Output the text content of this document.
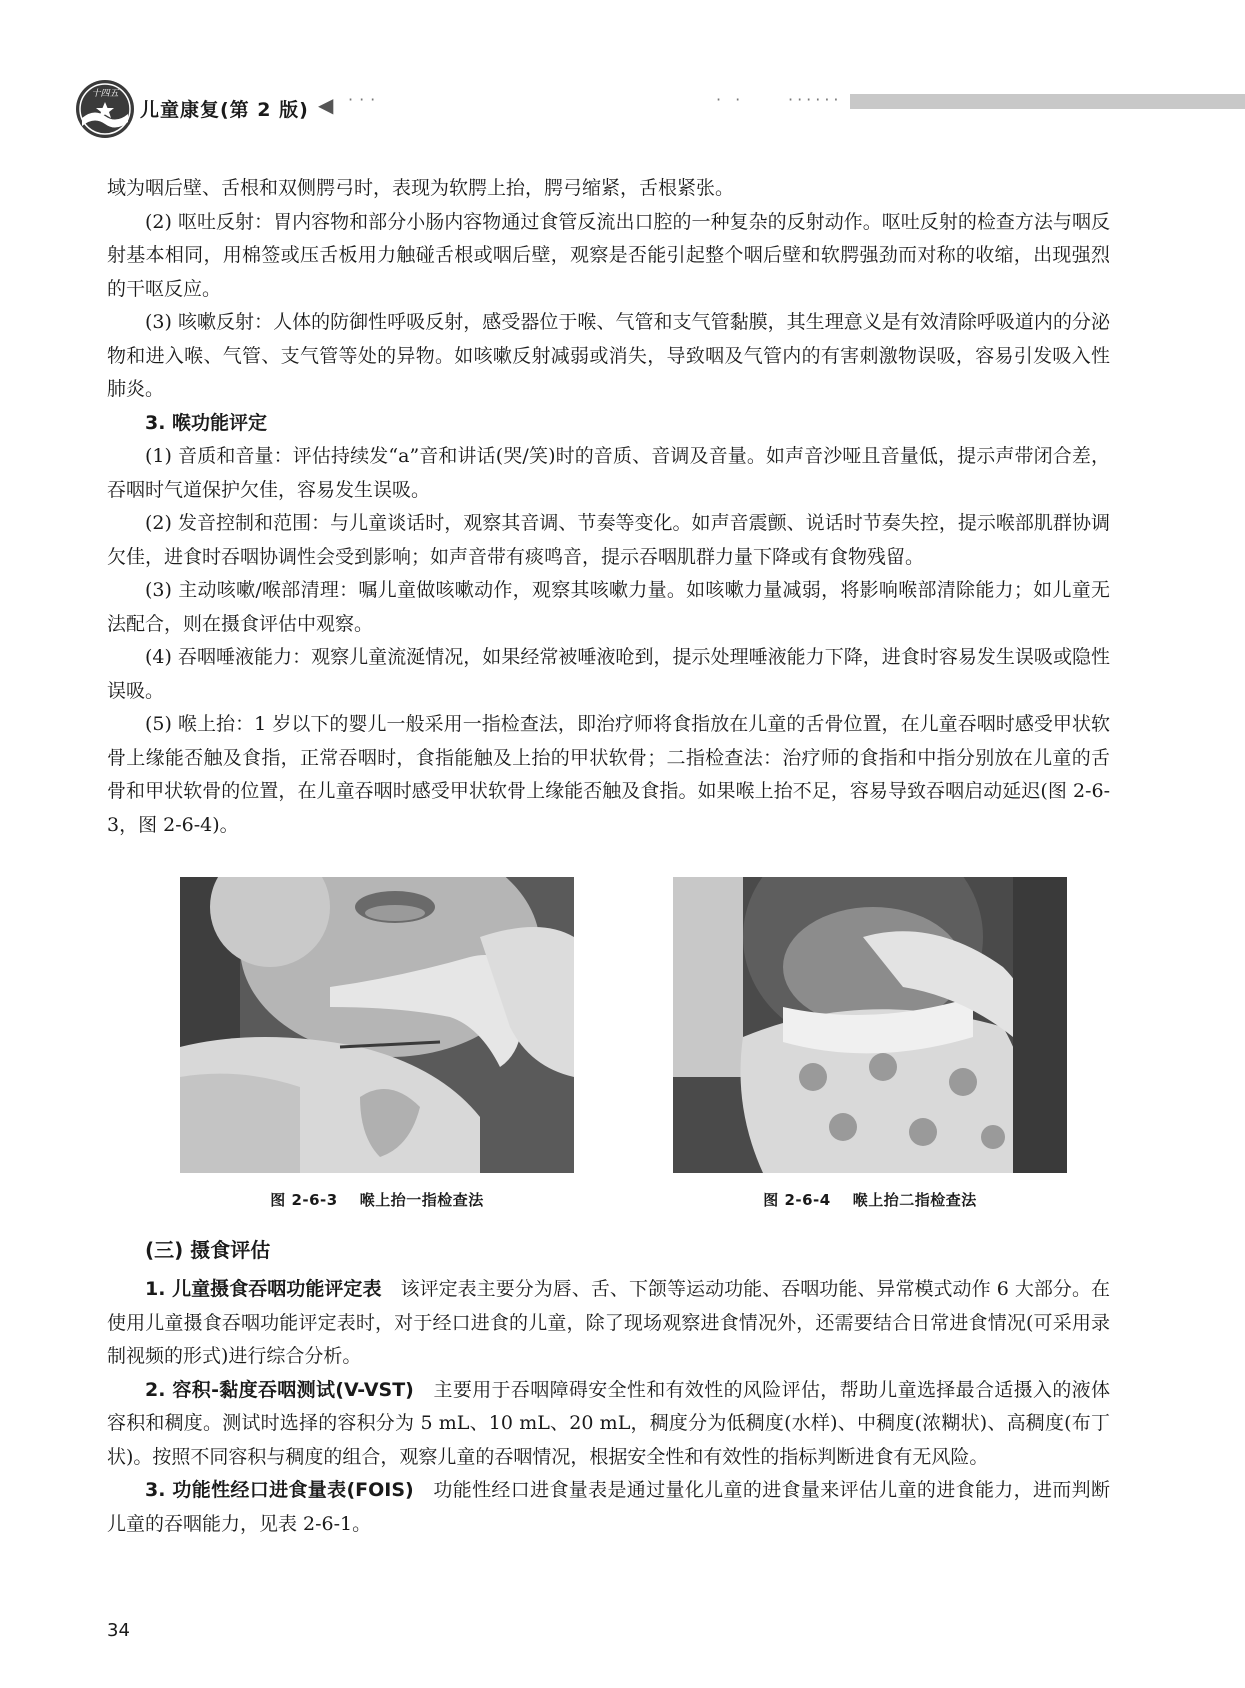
十四五
儿童康复(第 2 版) ◀ ···	·· ······

域为咽后壁、舌根和双侧腭弓时，表现为软腭上抬，腭弓缩紧，舌根紧张。

(2) 呕吐反射：胃内容物和部分小肠内容物通过食管反流出口腔的一种复杂的反射动作。呕吐反射的检查方法与咽反射基本相同，用棉签或压舌板用力触碰舌根或咽后壁，观察是否能引起整个咽后壁和软腭强劲而对称的收缩，出现强烈的干呕反应。

(3) 咳嗽反射：人体的防御性呼吸反射，感受器位于喉、气管和支气管黏膜，其生理意义是有效清除呼吸道内的分泌物和进入喉、气管、支气管等处的异物。如咳嗽反射减弱或消失，导致咽及气管内的有害刺激物误吸，容易引发吸入性肺炎。

3. 喉功能评定

(1) 音质和音量：评估持续发“a”音和讲话(哭/笑)时的音质、音调及音量。如声音沙哑且音量低，提示声带闭合差，吞咽时气道保护欠佳，容易发生误吸。

(2) 发音控制和范围：与儿童谈话时，观察其音调、节奏等变化。如声音震颤、说话时节奏失控，提示喉部肌群协调欠佳，进食时吞咽协调性会受到影响；如声音带有痰鸣音，提示吞咽肌群力量下降或有食物残留。

(3) 主动咳嗽/喉部清理：嘱儿童做咳嗽动作，观察其咳嗽力量。如咳嗽力量减弱，将影响喉部清除能力；如儿童无法配合，则在摄食评估中观察。

(4) 吞咽唾液能力：观察儿童流涎情况，如果经常被唾液呛到，提示处理唾液能力下降，进食时容易发生误吸或隐性误吸。

(5) 喉上抬：1 岁以下的婴儿一般采用一指检查法，即治疗师将食指放在儿童的舌骨位置，在儿童吞咽时感受甲状软骨上缘能否触及食指，正常吞咽时，食指能触及上抬的甲状软骨；二指检查法：治疗师的食指和中指分别放在儿童的舌骨和甲状软骨的位置，在儿童吞咽时感受甲状软骨上缘能否触及食指。如果喉上抬不足，容易导致吞咽启动延迟(图 2-6-3，图 2-6-4)。

图 2-6-3 喉上抬一指检查法	图 2-6-4 喉上抬二指检查法

(三) 摄食评估

1. 儿童摄食吞咽功能评定表　 该评定表主要分为唇、舌、下颌等运动功能、吞咽功能、异常模式动作 6 大部分。在使用儿童摄食吞咽功能评定表时，对于经口进食的儿童，除了现场观察进食情况外，还需要结合日常进食情况(可采用录制视频的形式)进行综合分析。

2. 容积-黏度吞咽测试(V-VST)　 主要用于吞咽障碍安全性和有效性的风险评估，帮助儿童选择最合适摄入的液体容积和稠度。测试时选择的容积分为 5 mL、10 mL、20 mL，稠度分为低稠度(水样)、中稠度(浓糊状)、高稠度(布丁状)。按照不同容积与稠度的组合，观察儿童的吞咽情况，根据安全性和有效性的指标判断进食有无风险。

3. 功能性经口进食量表(FOIS)　 功能性经口进食量表是通过量化儿童的进食量来评估儿童的进食能力，进而判断儿童的吞咽能力，见表 2-6-1。

34
